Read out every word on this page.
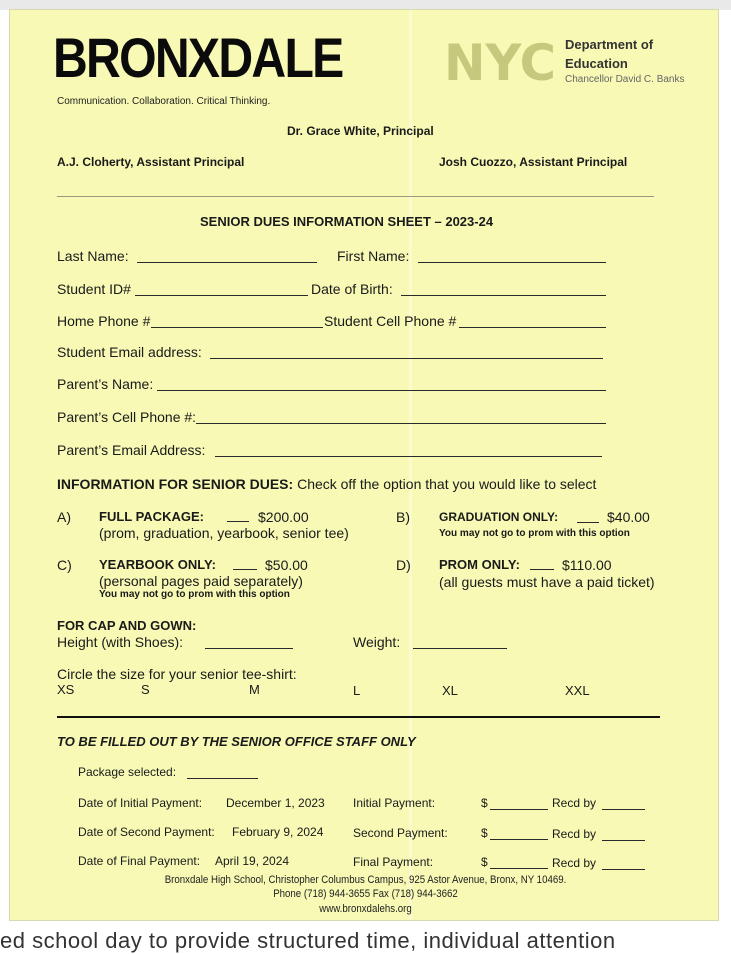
BRONXDALE
Communication. Collaboration. Critical Thinking.
NYC Department of
Education
Chancellor David C. Banks
Dr. Grace White, Principal
A.J. Cloherty, Assistant Principal	Josh Cuozzo, Assistant Principal
SENIOR DUES INFORMATION SHEET – 2023-24
Last Name:	First Name:
Student ID#	Date of Birth:
Home Phone #	Student Cell Phone #
Student Email address:
Parent’s Name:
Parent’s Cell Phone #:
Parent’s Email Address:
INFORMATION FOR SENIOR DUES: Check off the option that you would like to select
A) FULL PACKAGE:	$200.00
(prom, graduation, yearbook, senior tee)
B) GRADUATION ONLY:	$40.00
You may not go to prom with this option
C) YEARBOOK ONLY:	$50.00
(personal pages paid separately)
You may not go to prom with this option
D) PROM ONLY:	$110.00
(all guests must have a paid ticket)
FOR CAP AND GOWN:
Height (with Shoes):	Weight:
Circle the size for your senior tee-shirt:
XS	S	M	L	XL	XXL
TO BE FILLED OUT BY THE SENIOR OFFICE STAFF ONLY
Package selected:
Date of Initial Payment: December 1, 2023 Initial Payment:	$	Recd by
Date of Second Payment: February 9, 2024 Second Payment:	$	Recd by
Date of Final Payment: April 19, 2024	Final Payment:	$	Recd by
Bronxdale High School, Christopher Columbus Campus, 925 Astor Avenue, Bronx, NY 10469.
Phone (718) 944-3655 Fax (718) 944-3662
www.bronxdalehs.org
ed school day to provide structured time, individual attention
